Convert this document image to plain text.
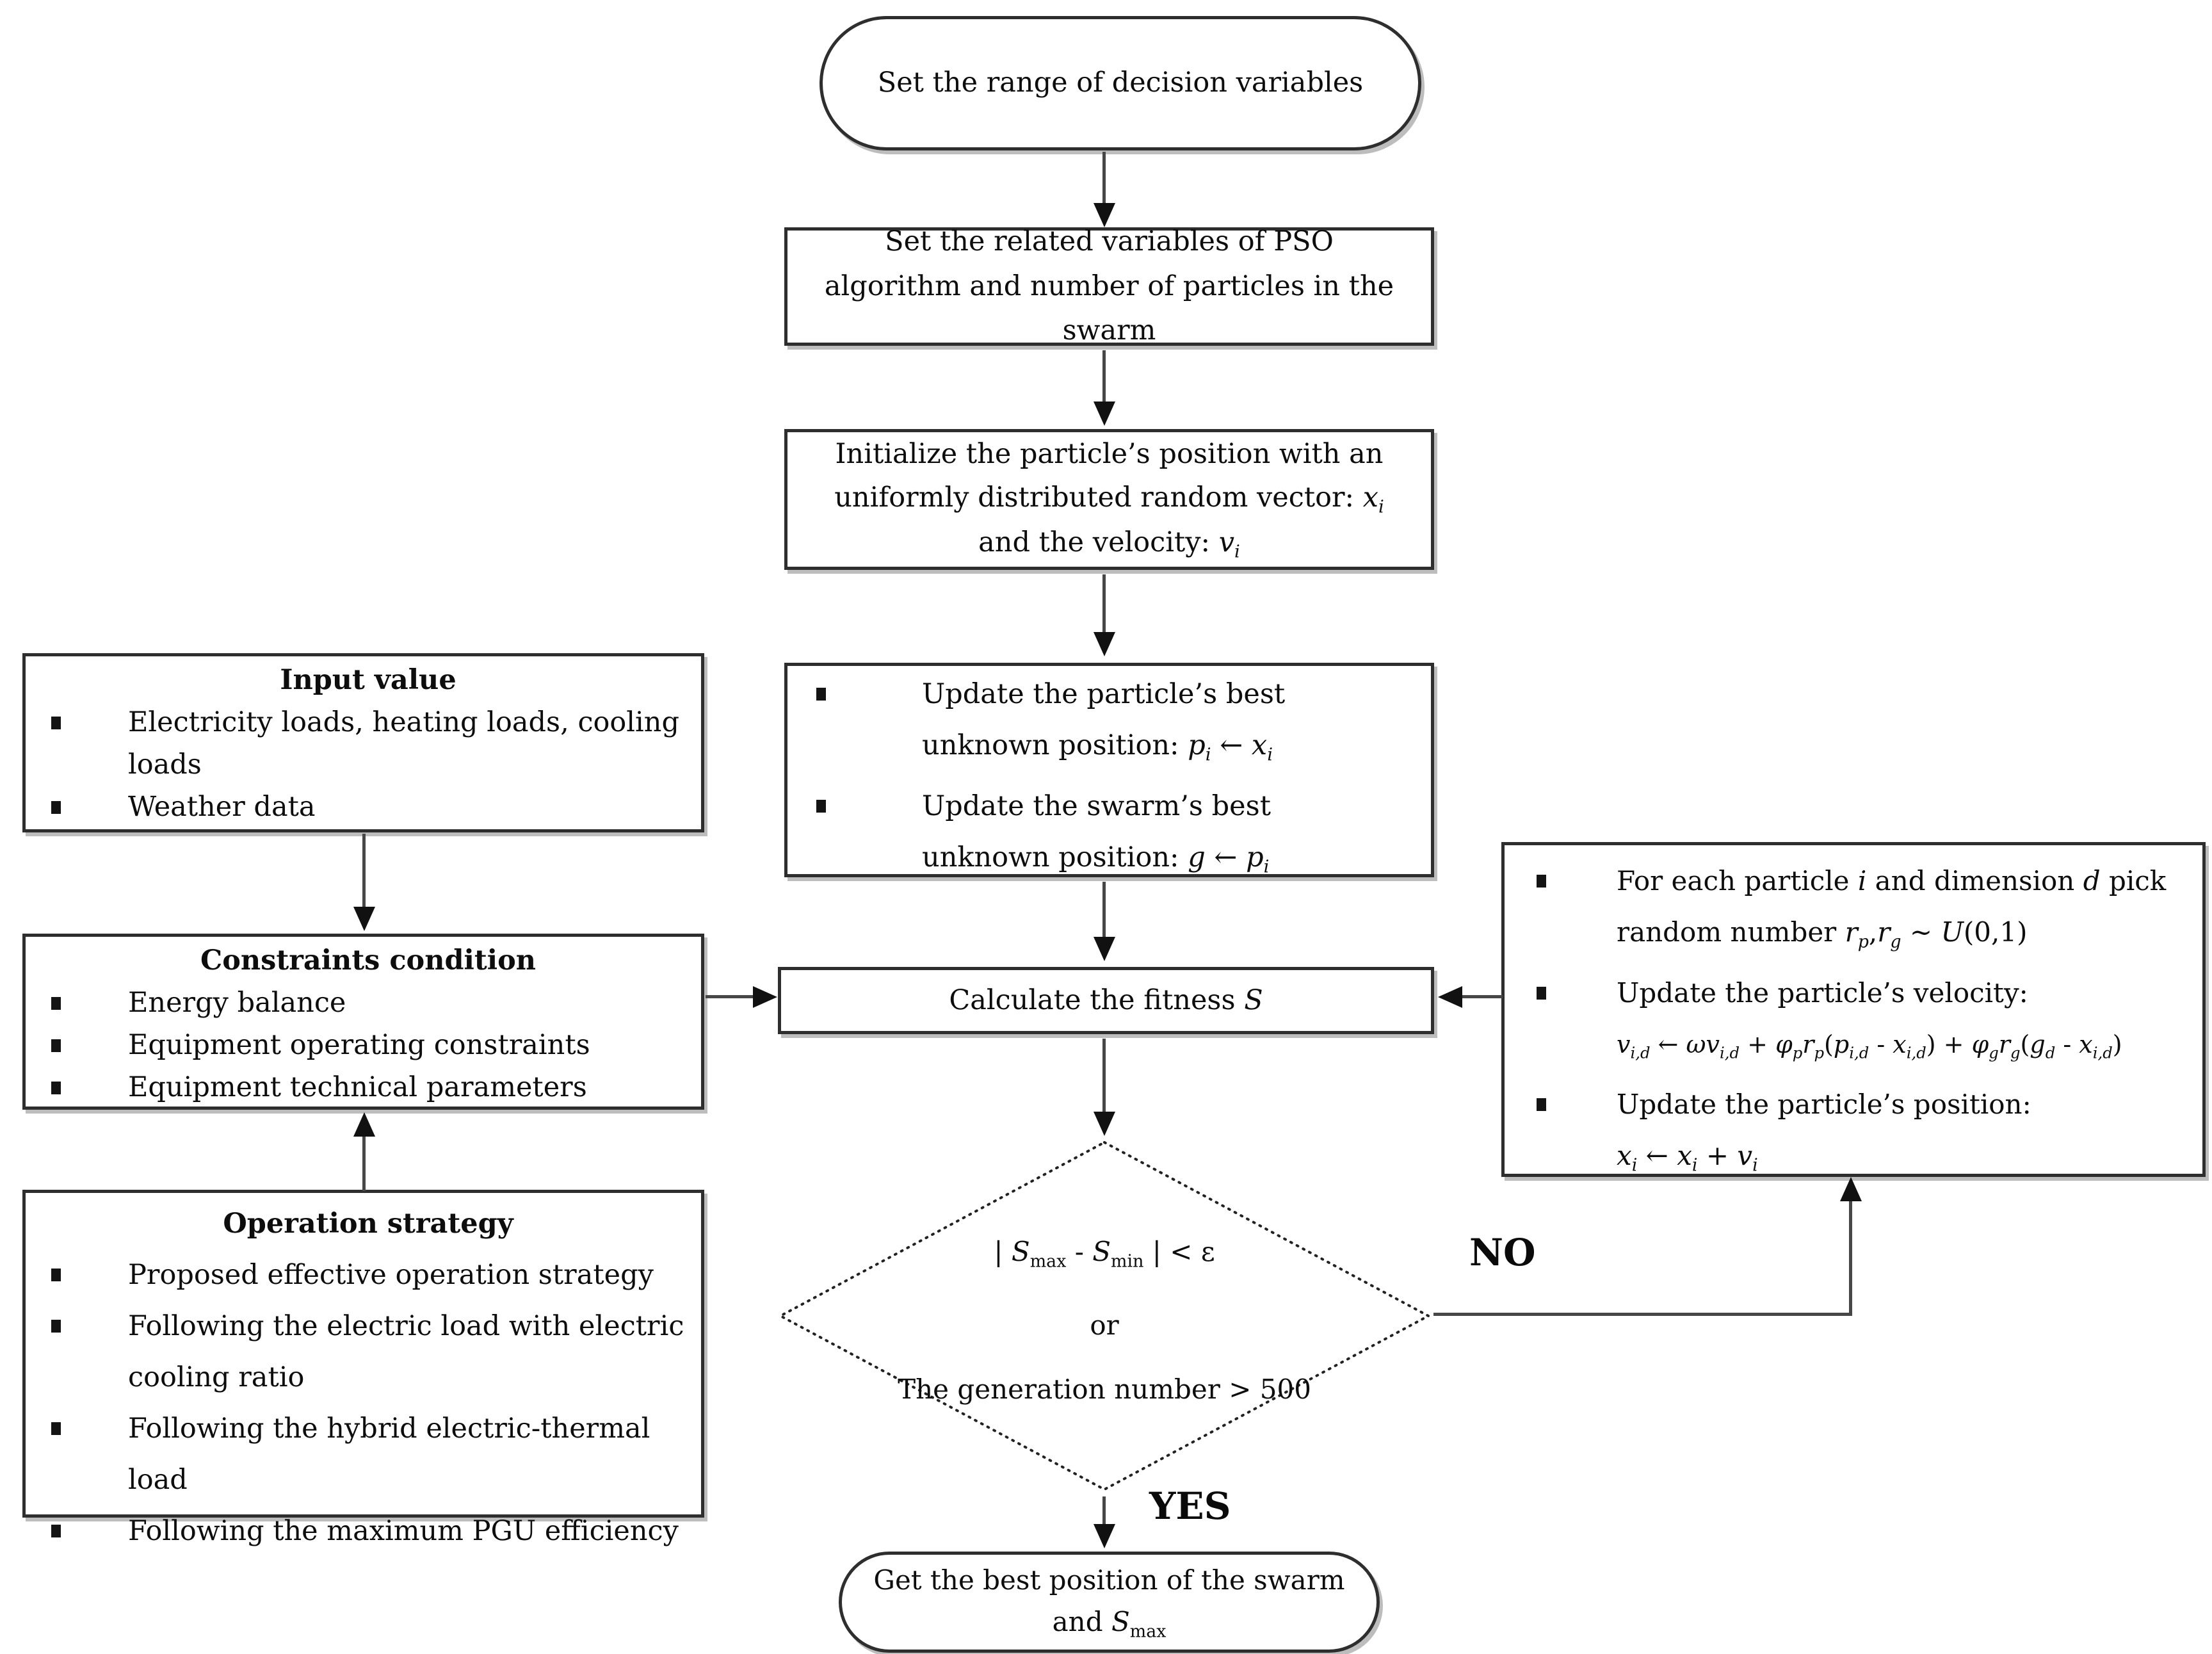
Set the range of decision variables
Set the related variables of PSO algorithm and number of particles in the swarm
Initialize the particle’s position with an uniformly distributed random vector: $x_i$ and the velocity: $v_i$
Update the particle’s best unknown position: $p_i$ ← $x_i$
Update the swarm’s best unknown position: g ← $p_i$
Calculate the fitness S
| $S_{max} - S_{min}$ | < ε
or
The generation number > 500
NO
YES
Get the best position of the swarm and $S_{max}$
Input value
Electricity loads, heating loads, cooling loads
Weather data
Constraints condition
Energy balance
Equipment operating constraints
Equipment technical parameters
Operation strategy
Proposed effective operation strategy
Following the electric load with electric cooling ratio
Following the hybrid electric-thermal load
Following the maximum PGU efficiency
For each particle i and dimension d pick random number $r_p,r_g$ ~ U(0,1)
Update the particle’s velocity:
$v_{i,d}$ ← $\omega v_{i,d} + \varphi_pr_p(p_{i,d} - x_{i,d}) + \varphi_gr_g(g_d - x_{i,d})$
Update the particle’s position:
$x_i$ ← $x_i + v_i$
